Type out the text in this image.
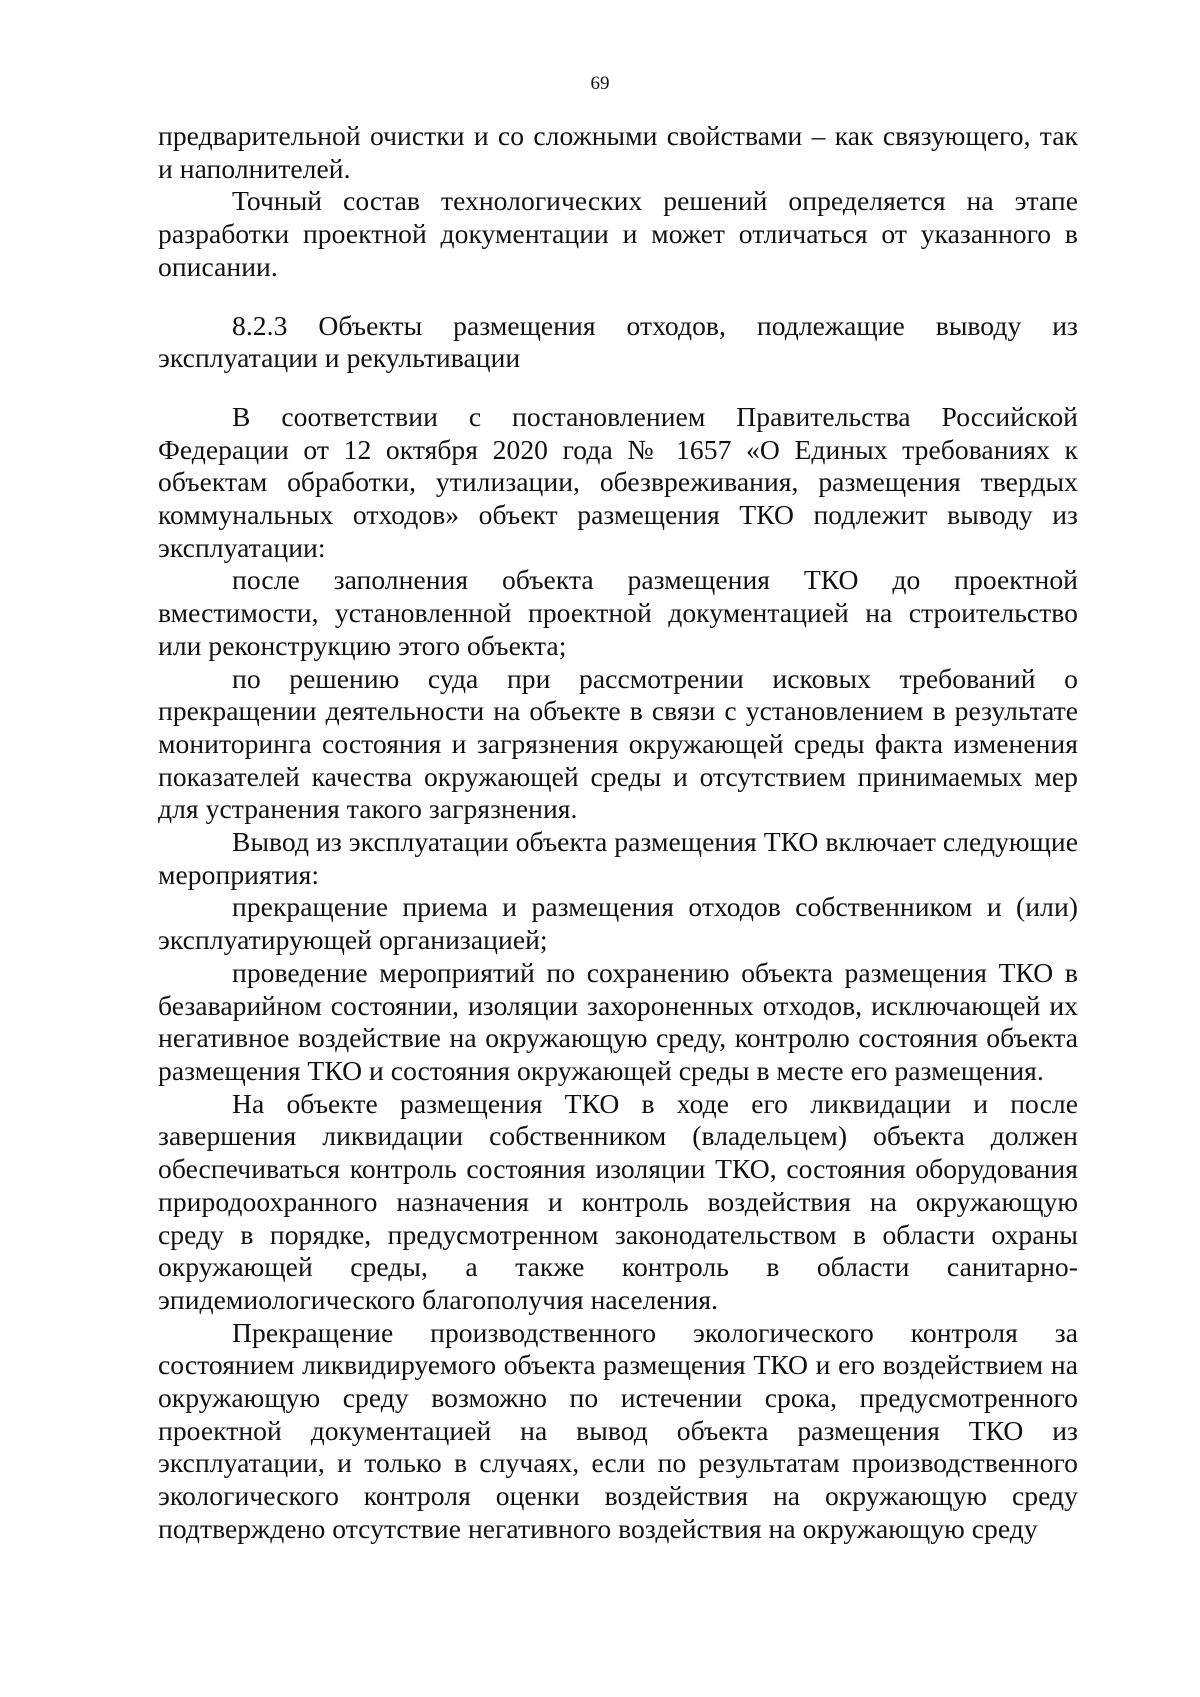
69

предварительной очистки и со сложными свойствами – как связующего, так и наполнителей.

Точный состав технологических решений определяется на этапе разработки проектной документации и может отличаться от указанного в описании.

8.2.3 Объекты размещения отходов, подлежащие выводу из эксплуатации и рекультивации

В соответствии с постановлением Правительства Российской Федерации от 12 октября 2020 года № 1657 «О Единых требованиях к объектам обработки, утилизации, обезвреживания, размещения твердых коммунальных отходов» объект размещения ТКО подлежит выводу из эксплуатации:

после заполнения объекта размещения ТКО до проектной вместимости, установленной проектной документацией на строительство или реконструкцию этого объекта;

по решению суда при рассмотрении исковых требований о прекращении деятельности на объекте в связи с установлением в результате мониторинга состояния и загрязнения окружающей среды факта изменения показателей качества окружающей среды и отсутствием принимаемых мер для устранения такого загрязнения.

Вывод из эксплуатации объекта размещения ТКО включает следующие мероприятия:

прекращение приема и размещения отходов собственником и (или) эксплуатирующей организацией;

проведение мероприятий по сохранению объекта размещения ТКО в безаварийном состоянии, изоляции захороненных отходов, исключающей их негативное воздействие на окружающую среду, контролю состояния объекта размещения ТКО и состояния окружающей среды в месте его размещения.

На объекте размещения ТКО в ходе его ликвидации и после завершения ликвидации собственником (владельцем) объекта должен обеспечиваться контроль состояния изоляции ТКО, состояния оборудования природоохранного назначения и контроль воздействия на окружающую среду в порядке, предусмотренном законодательством в области охраны окружающей среды, а также контроль в области санитарно-эпидемиологического благополучия населения.

Прекращение производственного экологического контроля за состоянием ликвидируемого объекта размещения ТКО и его воздействием на окружающую среду возможно по истечении срока, предусмотренного проектной документацией на вывод объекта размещения ТКО из эксплуатации, и только в случаях, если по результатам производственного экологического контроля оценки воздействия на окружающую среду подтверждено отсутствие негативного воздействия на окружающую среду
